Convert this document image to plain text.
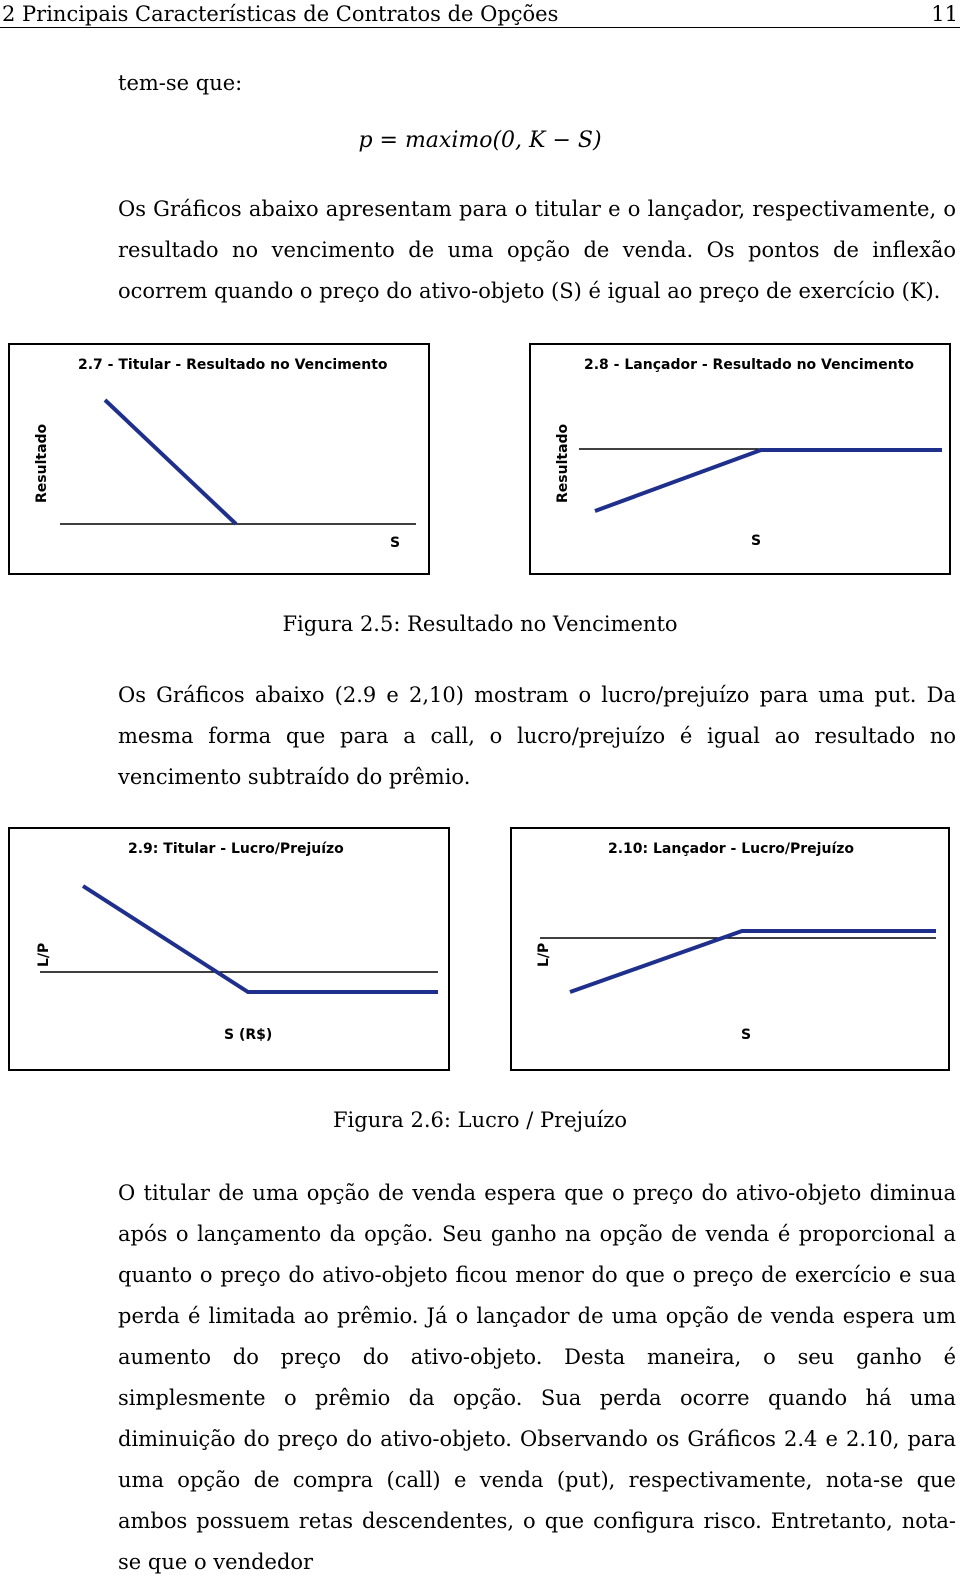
2 Principais Características de Contratos de Opções	11

tem-se que:

p = maximo(0, K − S)

Os Gráficos abaixo apresentam para o titular e o lançador, respectivamente, o resultado no vencimento de uma opção de venda. Os pontos de inflexão ocorrem quando o preço do ativo-objeto (S) é igual ao preço de exercício (K).

2.7 - Titular - Resultado no Vencimento
Resultado
S
2.8 - Lançador - Resultado no Vencimento
Resultado
S
Figura 2.5: Resultado no Vencimento

Os Gráficos abaixo (2.9 e 2,10) mostram o lucro/prejuízo para uma put. Da mesma forma que para a call, o lucro/prejuízo é igual ao resultado no vencimento subtraído do prêmio.

2.9: Titular - Lucro/Prejuízo
L/P
S (R$)
2.10: Lançador - Lucro/Prejuízo
L/P
S
Figura 2.6: Lucro / Prejuízo

O titular de uma opção de venda espera que o preço do ativo-objeto diminua após o lançamento da opção. Seu ganho na opção de venda é proporcional a quanto o preço do ativo-objeto ficou menor do que o preço de exercício e sua perda é limitada ao prêmio. Já o lançador de uma opção de venda espera um aumento do preço do ativo-objeto. Desta maneira, o seu ganho é simplesmente o prêmio da opção. Sua perda ocorre quando há uma diminuição do preço do ativo-objeto. Observando os Gráficos 2.4 e 2.10, para uma opção de compra (call) e venda (put), respectivamente, nota-se que ambos possuem retas descendentes, o que configura risco. Entretanto, nota-se que o vendedor
